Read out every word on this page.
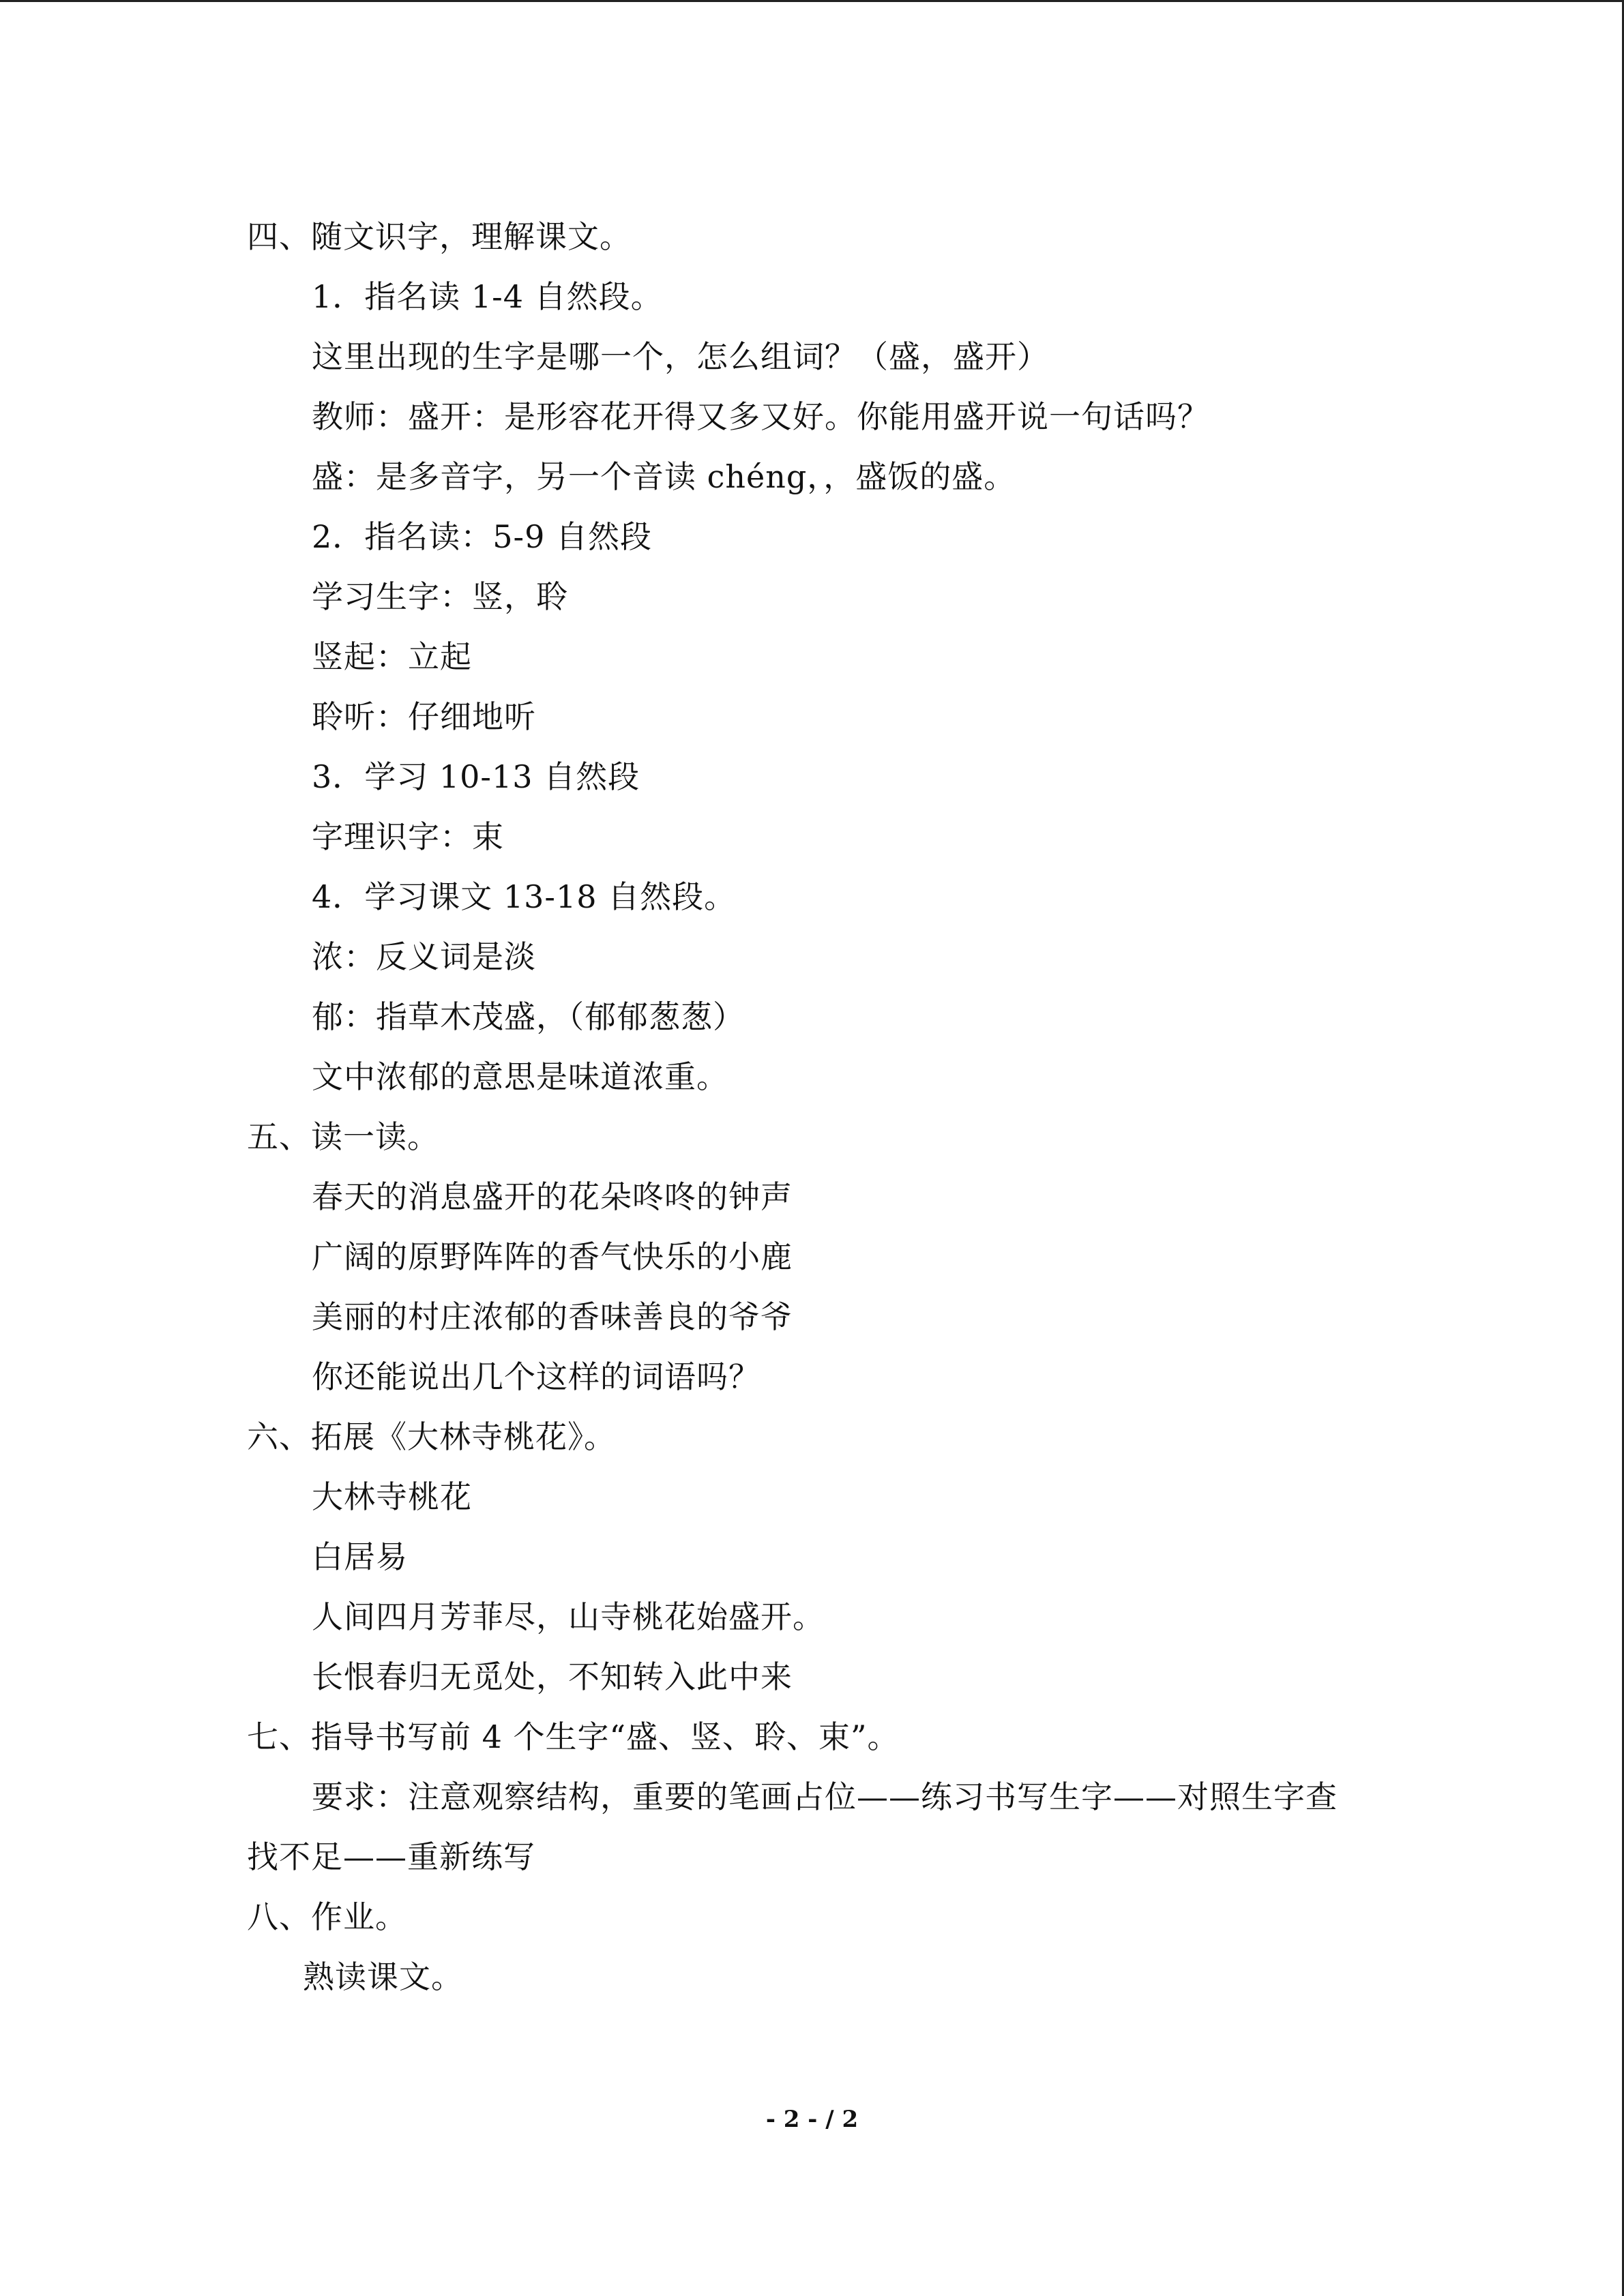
四、随文识字，理解课文。
1．指名读 1-4 自然段。
这里出现的生字是哪一个，怎么组词？（盛，盛开）
教师：盛开：是形容花开得又多又好。你能用盛开说一句话吗？
盛：是多音字，另一个音读 chéng，，盛饭的盛。
2．指名读：5-9 自然段
学习生字：竖，聆
竖起：立起
聆听：仔细地听
3．学习 10-13 自然段
字理识字：束
4．学习课文 13-18 自然段。
浓：反义词是淡
郁：指草木茂盛，（郁郁葱葱）
文中浓郁的意思是味道浓重。
五、读一读。
春天的消息盛开的花朵咚咚的钟声
广阔的原野阵阵的香气快乐的小鹿
美丽的村庄浓郁的香味善良的爷爷
你还能说出几个这样的词语吗？
六、拓展《大林寺桃花》。
大林寺桃花
白居易
人间四月芳菲尽，山寺桃花始盛开。
长恨春归无觅处，不知转入此中来
七、指导书写前 4 个生字“盛、竖、聆、束”。
要求：注意观察结构，重要的笔画占位——练习书写生字——对照生字查
找不足——重新练写
八、作业。
熟读课文。
- 2 - / 2
